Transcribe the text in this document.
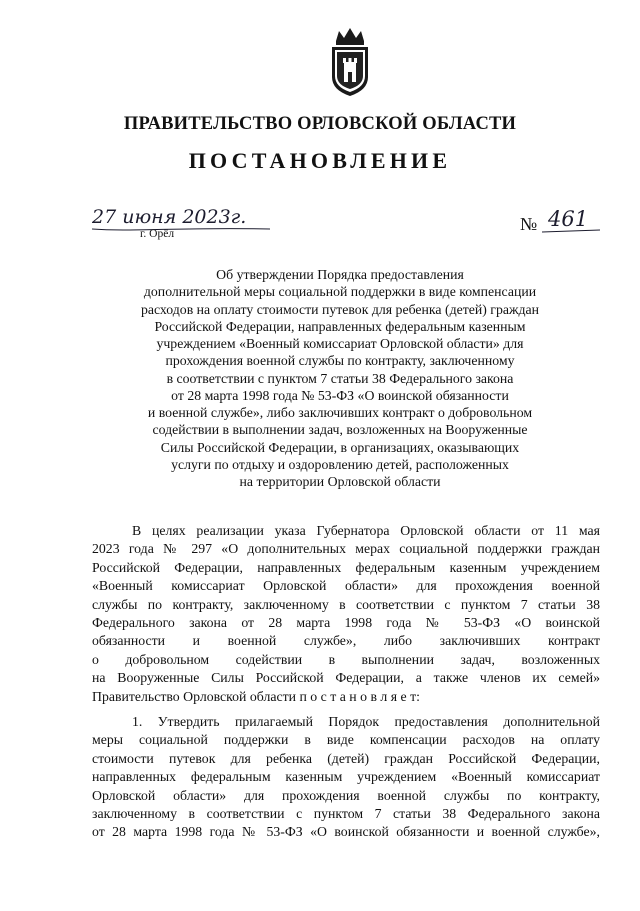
ПРАВИТЕЛЬСТВО ОРЛОВСКОЙ ОБЛАСТИ
ПОСТАНОВЛЕНИЕ
27 июня 2023г.
г. Орёл	№ 461
Об утверждении Порядка предоставления
дополнительной меры социальной поддержки в виде компенсации
расходов на оплату стоимости путевок для ребенка (детей) граждан
Российской Федерации, направленных федеральным казенным
учреждением «Военный комиссариат Орловской области» для
прохождения военной службы по контракту, заключенному
в соответствии с пунктом 7 статьи 38 Федерального закона
от 28 марта 1998 года № 53-ФЗ «О воинской обязанности
и военной службе», либо заключивших контракт о добровольном
содействии в выполнении задач, возложенных на Вооруженные
Силы Российской Федерации, в организациях, оказывающих
услуги по отдыху и оздоровлению детей, расположенных
на территории Орловской области
В целях реализации указа Губернатора Орловской области от 11 мая
2023 года № 297 «О дополнительных мерах социальной поддержки граждан
Российской Федерации, направленных федеральным казенным учреждением
«Военный комиссариат Орловской области» для прохождения военной
службы по контракту, заключенному в соответствии с пунктом 7 статьи 38
Федерального закона от 28 марта 1998 года № 53-ФЗ «О воинской
обязанности и военной службе», либо заключивших контракт
о добровольном содействии в выполнении задач, возложенных
на Вооруженные Силы Российской Федерации, а также членов их семей»
Правительство Орловской области п о с т а н о в л я е т:
1. Утвердить прилагаемый Порядок предоставления дополнительной
меры социальной поддержки в виде компенсации расходов на оплату
стоимости путевок для ребенка (детей) граждан Российской Федерации,
направленных федеральным казенным учреждением «Военный комиссариат
Орловской области» для прохождения военной службы по контракту,
заключенному в соответствии с пунктом 7 статьи 38 Федерального закона
от 28 марта 1998 года № 53-ФЗ «О воинской обязанности и военной службе»,
